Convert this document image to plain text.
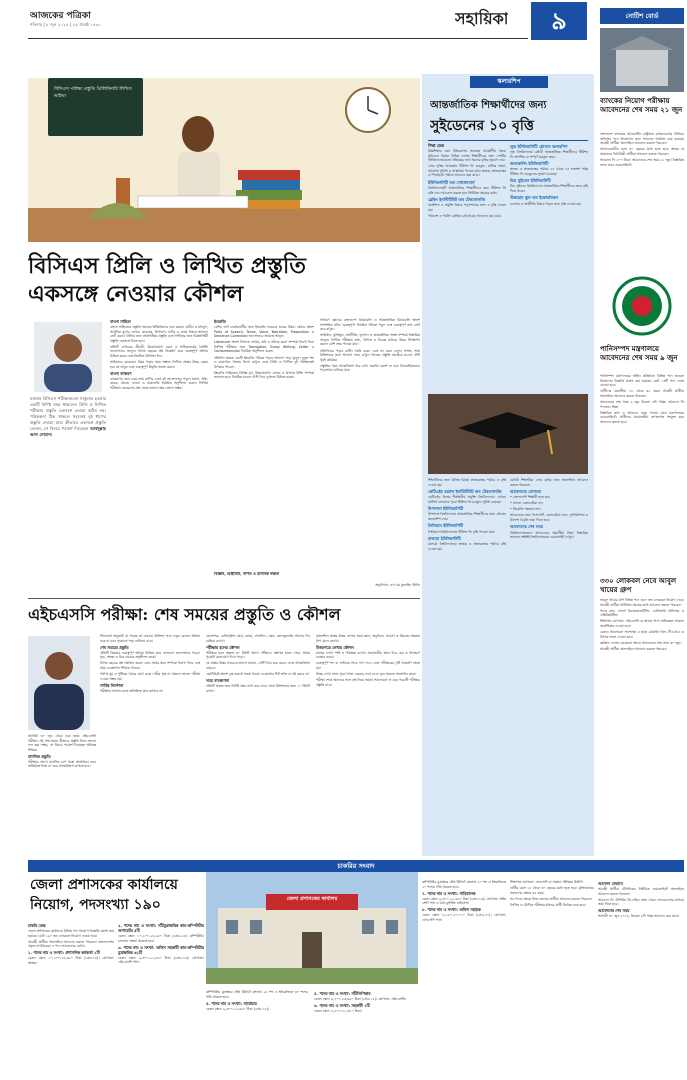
আজকের পত্রিকা
শনিবার | ৮ জুন ২০২৪ | ২৫ জ্যৈষ্ঠ ১৪৩১	সহায়িকা	৯	নোটিশ বোর্ড
বিসিএস পরীক্ষা প্রস্তুতি প্রিলিমিনারি লিখিত ভাইভা
বিসিএস প্রিলি ও লিখিত প্রস্তুতি
একসঙ্গে নেওয়ার কৌশল
বর্তমান বিসিএস পরীক্ষাগুলো সার্কুলার হওয়ার একটি নির্দিষ্ট সময় থাকলেও প্রিলি ও লিখিত পরীক্ষার প্রস্তুতি একসঙ্গে নেওয়া কঠিন নয়। পরিকল্পনা ঠিক থাকলে সহজেই দুই ধাপের প্রস্তুতি নেওয়া যায়। কীভাবে একসঙ্গে প্রস্তুতি নেবেন, সে বিষয়ে পরামর্শ দিয়েছেন আবদুল্লাহ আল নোমান।
বাংলা সাহিত্য

বাংলা সাহিত্যের প্রস্তুতি অনেকে বিক্ষিপ্তভাবে শুরু করেন। প্রাচীন ও মধ্যযুগ, আধুনিক যুগের লেখক, কাব্যগ্রন্থ, উপন্যাস, নাটক ও প্রবন্ধ বিষয়ে আলাদা নোট করুন। প্রিলির জন্য তথ্যভিত্তিক প্রস্তুতি এবং লিখিতর জন্য বিশ্লেষণধর্মী প্রস্তুতি একসঙ্গে নিতে হবে।

প্রতিটি লেখকের জীবনী, উল্লেখযোগ্য রচনা ও সাহিত্যকর্মের বৈশিষ্ট্য ভালোভাবে জানুন। বিগত বছরের প্রশ্ন বিশ্লেষণ করে গুরুত্বপূর্ণ অধ্যায় চিহ্নিত করুন এবং নিয়মিত রিভিশন দিন।

সাহিত্যের যেকোনো বিষয় পড়ার সময় সম্ভাব্য লিখিত প্রশ্নের উত্তর কেমন হবে তা ভাবুন এবং গুরুত্বপূর্ণ উদ্ধৃতি সংগ্রহ করুন।

বাংলা ব্যাকরণ

ব্যাকরণের জন্য নবম-দশম শ্রেণির বোর্ড বই ভালোভাবে পড়ুন। সমাস, সন্ধি, কারক, প্রত্যয়, বানান ও বাক্যশুদ্ধি নিয়মিত অনুশীলন করুন। লিখিত পরীক্ষায় ব্যাকরণের প্রশ্ন থেকে ভালো নম্বর তোলা সম্ভব।

ইংরেজি

বেশির ভাগ চাকরিপ্রার্থীর জন্য ইংরেজি সবচেয়ে ভয়ের বিষয়। গ্রামার অংশে Parts of Speech, Tense, Voice, Narration, Preposition ও Sentence Correction ভালোভাবে আয়ত্তে আনুন।

Literature অংশে বিখ্যাত লেখক, কবি ও তাঁদের রচনা সম্পর্কে ধারণা নিন। লিখিত পরীক্ষার জন্য Translation, Essay Writing, Letter ও Comprehension নিয়মিত অনুশীলন করুন।

প্রতিদিন অন্তত একটি ইংরেজি পত্রিকা পড়ার অভ্যাস গড়ে তুলুন। নতুন শব্দ ও বাক্যগঠন খাতায় লিখে রাখুন। এতে প্রিলি ও লিখিত দুই পরীক্ষাতেই উপকার পাবেন।

ইংরেজি সাহিত্যের বিভিন্ন যুগ, উল্লেখযোগ্য লেখক ও বিখ্যাত উক্তি সম্পর্কে জানতে হবে। নিয়মিত মডেল টেস্ট দিয়ে দুর্বলতা চিহ্নিত করুন।

সাধারণ জ্ঞানের বাংলাদেশ বিষয়াবলি ও আন্তর্জাতিক বিষয়াবলি অংশে সাম্প্রতিক ঘটনা গুরুত্বপূর্ণ। নিয়মিত পত্রিকা পড়ুন এবং গুরুত্বপূর্ণ তথ্য নোট করে রাখুন।

সংবিধান, মুক্তিযুদ্ধ, অর্থনীতি, ভূগোল ও আন্তর্জাতিক সংস্থা সম্পর্কে বিস্তারিত জানুন। লিখিত পরীক্ষায় তথ্য, উপাত্ত ও চিত্রের মাধ্যমে উত্তর উপস্থাপন করলে বেশি নম্বর পাওয়া যায়।

প্রতিদিনের পড়ার রুটিন তৈরি করুন এবং তা মেনে চলুন। সপ্তাহ শেষে রিভিশনের জন্য আলাদা সময় রাখুন। নিজের প্রস্তুতি যাচাইয়ে মডেল টেস্ট খুবই কার্যকর।

প্রস্তুতির সময় আত্মবিশ্বাস ধরে রাখা জরুরি। হতাশ না হয়ে ধারাবাহিকভাবে পড়াশোনা চালিয়ে যান।

বিজ্ঞান, আইসিটি, গণিত ও মানসিক দক্ষতা
অনুলিখন: এস এম মুজাহিদ উদ্দীন
এইচএসসি পরীক্ষা: শেষ সময়ের প্রস্তুতি ও কৌশল

আগামী ৩০ জুন থেকে শুরু হচ্ছে এইচএসসি পরীক্ষা। এই শেষ সময়ে কীভাবে প্রস্তুতি নিলে ভালো ফল করা সম্ভব, সে বিষয়ে পরামর্শ দিয়েছেন অভিজ্ঞ শিক্ষক।

মানসিক প্রস্তুতি

পরীক্ষার আগে মানসিক চাপ থাকা স্বাভাবিক। তবে অতিরিক্ত চিন্তা না করে আত্মবিশ্বাস রাখতে হবে।

সিলেবাস অনুযায়ী যা পড়েছ তা বারবার রিভিশন দাও। নতুন কোনো অধ্যায় শুরু না করে পুরোনো পড়া ঝালিয়ে নাও।

শেষ সময়ের প্রস্তুতি

প্রতিটি বিষয়ের গুরুত্বপূর্ণ অধ্যায় চিহ্নিত করে সেগুলো ভালোভাবে পড়ো। সূত্র, সংজ্ঞা ও চিত্র বারবার অনুশীলন করো।

বিগত বছরের প্রশ্ন সমাধান করো। এতে প্রশ্নের ধরন সম্পর্কে ধারণা পাবে এবং সময় ব্যবস্থাপনা শিখতে পারবে।

পর্যাপ্ত ঘুম ও পুষ্টিকর খাবার গ্রহণ করো। শরীর সুস্থ না থাকলে ভালো পরীক্ষা দেওয়া সম্ভব নয়।

সার্বিক নির্দেশনা

পরীক্ষার আগের রাতে অতিরিক্ত রাত জাগবে না।

প্রবেশপত্র, রেজিস্ট্রেশন কার্ড, কলম, পেনসিল, স্কেল, ক্যালকুলেটর আগের দিন গুছিয়ে রাখো।

পরীক্ষার হলের কৌশল

পরীক্ষার হলে অন্তত ৩০ মিনিট আগে পৌঁছাও। প্রশ্নপত্র হাতে পেয়ে প্রথমে পুরোটা মনোযোগ দিয়ে পড়ো।

যে প্রশ্নের উত্তর সবচেয়ে ভালো জানো, সেটি দিয়ে শুরু করো। এতে আত্মবিশ্বাস বাড়বে।

এমসিকিউ অংশে বৃত্ত ভরাটে সতর্ক থাকো। ওএমআর শিট ভাঁজ বা নষ্ট করবে না।

সময় ব্যবস্থাপনা

প্রতিটি প্রশ্নের জন্য নির্দিষ্ট সময় ভাগ করে নাও। শেষে রিভিশনের জন্য ১০ মিনিট রাখো।

সৃজনশীল প্রশ্নের উত্তর লেখার সময় জ্ঞান, অনুধাবন, প্রয়োগ ও উচ্চতর দক্ষতার ধাপ মেনে লেখো।

উত্তরপত্রে লেখার কৌশল

হাতের লেখা স্পষ্ট ও পরিচ্ছন্ন রাখো। প্রয়োজনীয় স্থানে চিত্র, ছক ও উদাহরণ ব্যবহার করো।

গুরুত্বপূর্ণ শব্দ বা লাইনের নিচে দাগ দাও। এতে পরীক্ষকের দৃষ্টি আকর্ষণ সহজ হয়।

উত্তর লেখা শেষে পুরো খাতা একবার দেখে নাও। ভুল থাকলে সংশোধন করো।

পরীক্ষা শেষে অন্যদের সঙ্গে প্রশ্ন নিয়ে অযথা আলোচনা না করে পরবর্তী পরীক্ষার প্রস্তুতি নাও।

স্কলারশিপ
আন্তর্জাতিক শিক্ষার্থীদের জন্য
সুইডেনের ১০ বৃত্তি
শিক্ষা ডেস্ক

উচ্চশিক্ষার জন্য ইউরোপের অন্যতম আকর্ষণীয় গন্তব্য সুইডেন। বিশ্বের বিভিন্ন দেশের শিক্ষার্থীদের জন্য দেশটির বিশ্ববিদ্যালয়গুলো প্রতিবছর নানা ধরনের বৃত্তির সুযোগ দেয়।

এসব বৃত্তির আওতায় টিউশন ফি মওকুফ, মাসিক ভাতা, আবাসন সুবিধা ও স্বাস্থ্যবিমা পাওয়া যায়। স্নাতক, স্নাতকোত্তর ও পিএইচডি পর্যায়ে আবেদন করা যাবে।

ইউনিভার্সিটি অব গোথেনবার্গ

বিশ্ববিদ্যালয়টি আন্তর্জাতিক শিক্ষার্থীদের জন্য টিউশন ফি বৃত্তি দেয়। আবেদন করতে হবে নির্ধারিত সময়ের মধ্যে।

ব্লেকিং ইনস্টিটিউট অব টেকনোলজি

প্রকৌশল ও প্রযুক্তি বিষয়ে পড়াশোনার জন্য এ বৃত্তি দেওয়া হয়।

পরিবেশ ও পর্যটন কেন্দ্রিক প্রোগ্রামেও আবেদন করা যায়।

লুন্ড ইউনিভার্সিটি গ্লোবাল স্কলারশিপ

লুন্ড বিশ্ববিদ্যালয় মেধাবী আন্তর্জাতিক শিক্ষার্থীদের টিউশন ফি আংশিক বা সম্পূর্ণ মওকুফ করে।

জনকোপিং ইউনিভার্সিটি

স্নাতক ও স্নাতকোত্তর পর্যায়ে ২৫ থেকে ৭৫ শতাংশ পর্যন্ত টিউশন ফি মওকুফের সুযোগ রয়েছে।

মিড সুইডেন ইউনিভার্সিটি

মিড সুইডেন বিশ্ববিদ্যালয় আন্তর্জাতিক শিক্ষার্থীদের জন্য বৃত্তি দিয়ে থাকে।

স্টকহোম স্কুল অব ইকোনমিকস

ব্যবসায় ও অর্থনীতি বিষয়ে পড়ার জন্য বৃত্তি দেওয়া হয়।

শিক্ষার্থীদের জন্য বিভিন্ন বিষয়ে স্নাতকোত্তর পর্যায়ে এ বৃত্তি দেওয়া হয়।

কেটিএইচ রয়্যাল ইনস্টিটিউট অব টেকনোলজি

কেটিএইচ বিশ্বের শীর্ষস্থানীয় প্রযুক্তি বিশ্ববিদ্যালয়। এখানে মাস্টার্স প্রোগ্রামে পুরো টিউশন ফি মওকুফ সুবিধা রয়েছে।

উপসালা ইউনিভার্সিটি

উপসালা বিশ্ববিদ্যালয় আন্তর্জাতিক শিক্ষার্থীদের জন্য গ্লোবাল স্কলারশিপ দেয়।

লিনিয়াস ইউনিভার্সিটি

লিনিয়াস বিশ্ববিদ্যালয়ে টিউশন ফি বৃত্তি পাওয়া যায়।

মালমো ইউনিভার্সিটি

মালমো বিশ্ববিদ্যালয়ে স্নাতক ও স্নাতকোত্তর পর্যায়ে বৃত্তি দেওয়া হয়।

মেধাবী শিক্ষার্থীরা এসব বৃত্তির জন্য অনলাইনে আবেদন করতে পারবেন।

আবেদনের যোগ্যতা

• বাংলাদেশি শিক্ষার্থী হতে হবে

• ভালো একাডেমিক ফল

• ইংরেজি দক্ষতার সনদ

আবেদনের জন্য পাসপোর্ট, একাডেমিক সনদ, সুপারিশপত্র ও উদ্দেশ্য বিবৃতি জমা দিতে হবে।

আবেদনের শেষ সময়

বিশ্ববিদ্যালয়ভেদে আবেদনের সময়সীমা ভিন্ন। বিস্তারিত জানতে সংশ্লিষ্ট বিশ্ববিদ্যালয়ের ওয়েবসাইট দেখুন।

ব্যাংকের নিয়োগ পরীক্ষায় আবেদনের শেষ সময় ২১ জুন

বাংলাদেশ ব্যাংকের আওতাধীন রাষ্ট্রায়ত্ত ব্যাংকগুলোর সিনিয়র অফিসার পদে নিয়োগের জন্য আবেদন আহ্বান করা হয়েছে। আগ্রহী প্রার্থীরা অনলাইনে আবেদন করতে পারবেন।

আবেদনকারীর বয়স ৩০ বছরের মধ্যে হতে হবে। স্নাতক বা সমমানের ডিগ্রিধারী প্রার্থীরা আবেদন করতে পারবেন।

আবেদন ফি ২০০ টাকা। আবেদনের শেষ সময় ২১ জুন। বিস্তারিত জানা যাবে ওয়েবসাইটে।

পানিসম্পদ মন্ত্রণালয়ে আবেদনের শেষ সময় ৯ জুন

পানিসম্পদ মন্ত্রণালয়ের অধীন প্রতিষ্ঠানে বিভিন্ন পদে জনবল নিয়োগের বিজ্ঞপ্তি প্রকাশ করা হয়েছে। মোট ১৩টি পদে লোক নেওয়া হবে।

প্রার্থীদের বয়সসীমা ১৮ থেকে ৩২ বছর। আগ্রহী প্রার্থীরা অনলাইনে আবেদন করতে পারবেন।

আবেদনের শেষ সময় ৯ জুন বিকেল ৫টা পর্যন্ত। আবেদন ফি পদভেদে ভিন্ন।

বিস্তারিত তথ্য ও আবেদন ফরম পাওয়া যাবে মন্ত্রণালয়ের ওয়েবসাইটে। প্রার্থীদের প্রয়োজনীয় কাগজপত্র সংযুক্ত করে আবেদন করতে হবে।

৩৩০ লোকবল নেবে আবুল খায়ের গ্রুপ

আবুল খায়ের গ্রুপ বিভিন্ন পদে ৩৩০ জন লোকবল নিয়োগ দেবে। আগ্রহী প্রার্থীরা নির্ধারিত সময়ের মধ্যে আবেদন করতে পারবেন।

পদের নাম: সেলস রিপ্রেজেনটেটিভ, ডেলিভারি অফিসার ও এক্সিকিউটিভ।

শিক্ষাগত যোগ্যতা: এইচএসসি বা স্নাতক পাস। অভিজ্ঞতা থাকলে অগ্রাধিকার দেওয়া হবে।

বেতন: আলোচনা সাপেক্ষে। এ ছাড়া মোবাইল বিল, টিএ-ডিএ ও উৎসব ভাতা দেওয়া হবে।

কর্মস্থল: দেশের যেকোনো স্থানে। আবেদনের শেষ সময় ৩০ জুন।

আগ্রহী প্রার্থীরা অনলাইনে আবেদন করতে পারবেন।

চাকরির সংবাদ
জেলা প্রশাসকের কার্যালয়ে
নিয়োগ, পদসংখ্যা ১৯০
চাকরি ডেস্ক

জেলা প্রশাসকের কার্যালয়ে বিভিন্ন পদে নিয়োগ বিজ্ঞপ্তি প্রকাশ করা হয়েছে। মোট ১৯০ জন লোকবল নিয়োগ দেওয়া হবে।

আগ্রহী প্রার্থীরা অনলাইনে আবেদন করতে পারবেন। বাংলাদেশের প্রকৃত নাগরিকেরা এ পদে আবেদনের যোগ্য।

১. পদের নাম ও সংখ্যা: প্রশাসনিক কর্মকর্তা ১টি

বেতন স্কেল: ১০,২০০-২৪,৬৮০ টাকা (গ্রেড-১৪)। যোগ্যতা: স্নাতক।

২. পদের নাম ও সংখ্যা: সাঁটমুদ্রাক্ষরিক কাম-কম্পিউটার অপারেটর ৫টি

বেতন স্কেল: ১০,২০০-২৪,৬৮০ টাকা (গ্রেড-১৪)। কম্পিউটার চালনায় দক্ষতা থাকতে হবে।

৩. পদের নাম ও সংখ্যা: অফিস সহকারী কাম-কম্পিউটার মুদ্রাক্ষরিক ৬১টি

বেতন স্কেল: ৯,৩০০-২২,৪৯০ টাকা (গ্রেড-১৬)। যোগ্যতা: এইচএসসি পাস।

জেলা প্রশাসকের কার্যালয়

কম্পিউটার মুদ্রাক্ষরে প্রতি মিনিটে বাংলায় ২৫ শব্দ ও ইংরেজিতে ৩০ শব্দের গতি থাকতে হবে।

৪. পদের নাম ও সংখ্যা: সার্ভেয়ার

বেতন স্কেল: ৯,৩০০-২২,৪৯০ টাকা (গ্রেড-১৫)।

৫. পদের নাম ও সংখ্যা: সাঁটলিপিকার

বেতন স্কেল: ৯,৭০০-২৩,৪৯০ টাকা (গ্রেড-১৫)। যোগ্যতা: এইচএসসি।

৬. পদের নাম ও সংখ্যা: সহকারী ১টি

বেতন স্কেল: ৮,৮০০-২১,৩১০ টাকা।

কম্পিউটার মুদ্রাক্ষরে প্রতি মিনিটে বাংলায় ২০ শব্দ ও ইংরেজিতে ২০ শব্দের গতি থাকতে হবে।

৭. পদের নাম ও সংখ্যা: গাড়িচালক

বেতন স্কেল: ৯,৩০০-২২,৪৯০ টাকা (গ্রেড-১৬)। যোগ্যতা: অষ্টম শ্রেণি পাস ও বৈধ ড্রাইভিং লাইসেন্স।

৮. পদের নাম ও সংখ্যা: অফিস সহায়ক

বেতন স্কেল: ৮,২৫০-২০,০১০ টাকা (গ্রেড-২০)। যোগ্যতা: এসএসসি পাস।

শিক্ষাগত যোগ্যতা: এসএসসি বা সমমান পরীক্ষায় উত্তীর্ণ।

প্রার্থীর বয়স ১৮ থেকে ৩০ বছরের মধ্যে হতে হবে। মুক্তিযোদ্ধার সন্তানদের ক্ষেত্রে ৩২ বছর।

সব পদের ক্ষেত্রে নিজ জেলার প্রার্থীরা আবেদন করতে পারবেন।

লিখিত ও মৌখিক পরীক্ষার মাধ্যমে প্রার্থী নির্বাচন করা হবে।

আবেদন যেভাবে

আগ্রহী প্রার্থীরা টেলিটকের নির্ধারিত ওয়েবসাইটে অনলাইনে আবেদন করতে পারবেন।

আবেদন ফি টেলিটক প্রি-পেইড নম্বর থেকে এসএমএসের মাধ্যমে জমা দিতে হবে।

আবেদনের শেষ সময়

আগামী ৩০ জুন ২০২৪, বিকেল ৫টা পর্যন্ত আবেদন করা যাবে।
